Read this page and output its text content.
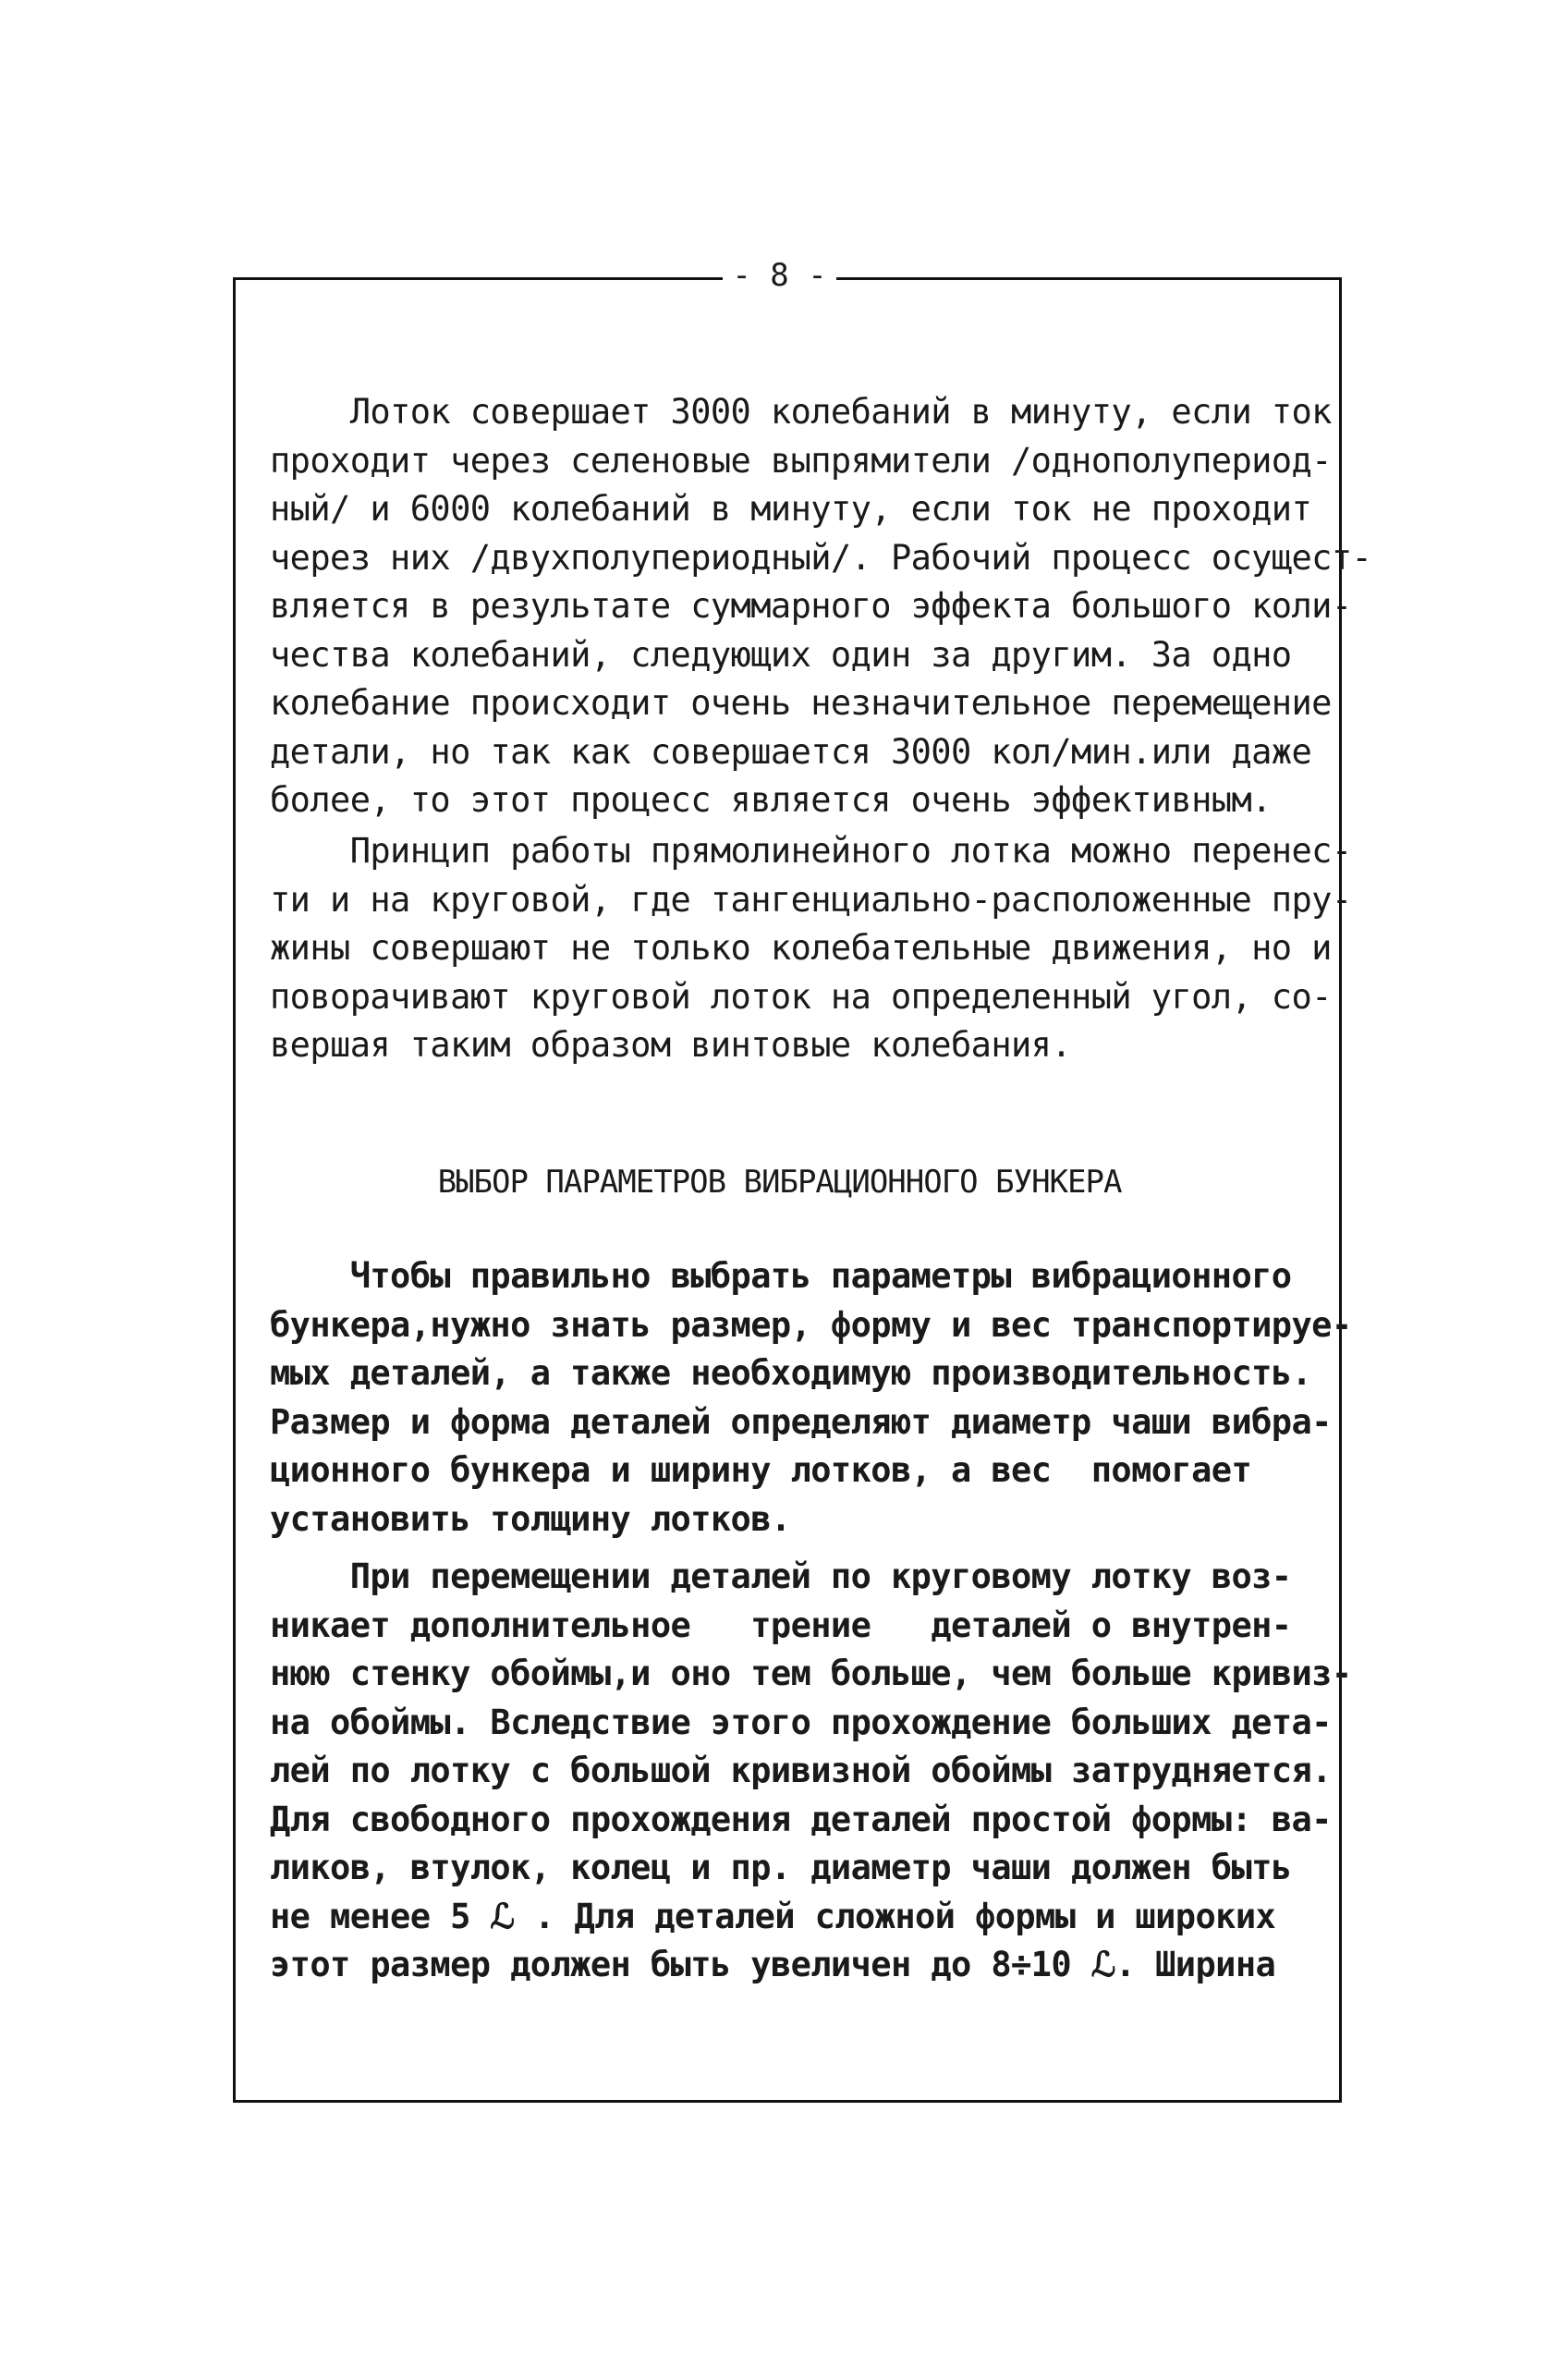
- 8 -
Лоток совершает 3000 колебаний в минуту, если ток
проходит через селеновые выпрямители /однополупериод-
ный/ и 6000 колебаний в минуту, если ток не проходит
через них /двухполупериодный/. Рабочий процесс осущест-
вляется в результате суммарного эффекта большого коли-
чества колебаний, следующих один за другим. За одно
колебание происходит очень незначительное перемещение
детали, но так как совершается 3000 кол/мин.или даже
более, то этот процесс является очень эффективным.
Принцип работы прямолинейного лотка можно перенес-
ти и на круговой, где тангенциально-расположенные пру-
жины совершают не только колебательные движения, но и
поворачивают круговой лоток на определенный угол, со-
вершая таким образом винтовые колебания.
ВЫБОР ПАРАМЕТРОВ ВИБРАЦИОННОГО БУНКЕРА
Чтобы правильно выбрать параметры вибрационного
бункера,нужно знать размер, форму и вес транспортируе-
мых деталей, а также необходимую производительность.
Размер и форма деталей определяют диаметр чаши вибра-
ционного бункера и ширину лотков, а вес  помогает
установить толщину лотков.
При перемещении деталей по круговому лотку воз-
никает дополнительное   трение   деталей о внутрен-
нюю стенку обоймы,и оно тем больше, чем больше кривиз-
на обоймы. Вследствие этого прохождение больших дета-
лей по лотку с большой кривизной обоймы затрудняется.
Для свободного прохождения деталей простой формы: ва-
ликов, втулок, колец и пр. диаметр чаши должен быть
не менее 5 ℒ . Для деталей сложной формы и широких
этот размер должен быть увеличен до 8÷10 ℒ. Ширина
